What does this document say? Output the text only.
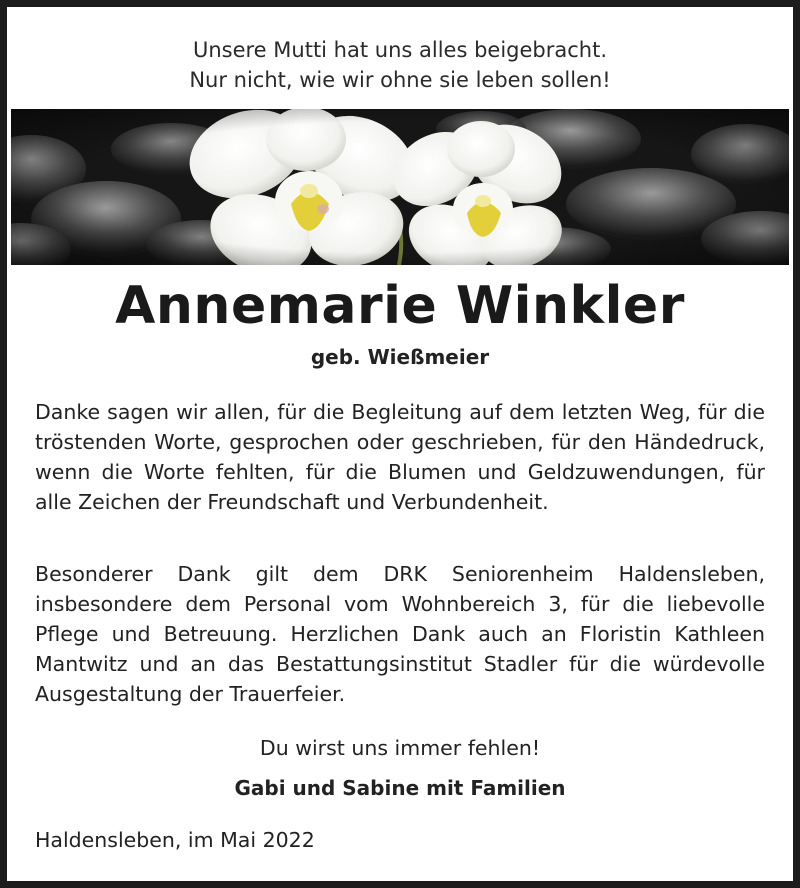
Unsere Mutti hat uns alles beigebracht.
Nur nicht, wie wir ohne sie leben sollen!
Annemarie Winkler
geb. Wießmeier

Danke sagen wir allen, für die Begleitung auf dem letzten Weg, für die tröstenden Worte, gesprochen oder geschrieben, für den Händedruck, wenn die Worte fehlten, für die Blumen und Geldzuwendungen, für alle Zeichen der Freundschaft und Verbundenheit.

Besonderer Dank gilt dem DRK Seniorenheim Haldensleben, insbesondere dem Personal vom Wohnbereich 3, für die liebevolle Pflege und Betreuung. Herzlichen Dank auch an Floristin Kathleen Mantwitz und an das Bestattungsinstitut Stadler für die würdevolle Ausgestaltung der Trauerfeier.

Du wirst uns immer fehlen!
Gabi und Sabine mit Familien
Haldensleben, im Mai 2022
